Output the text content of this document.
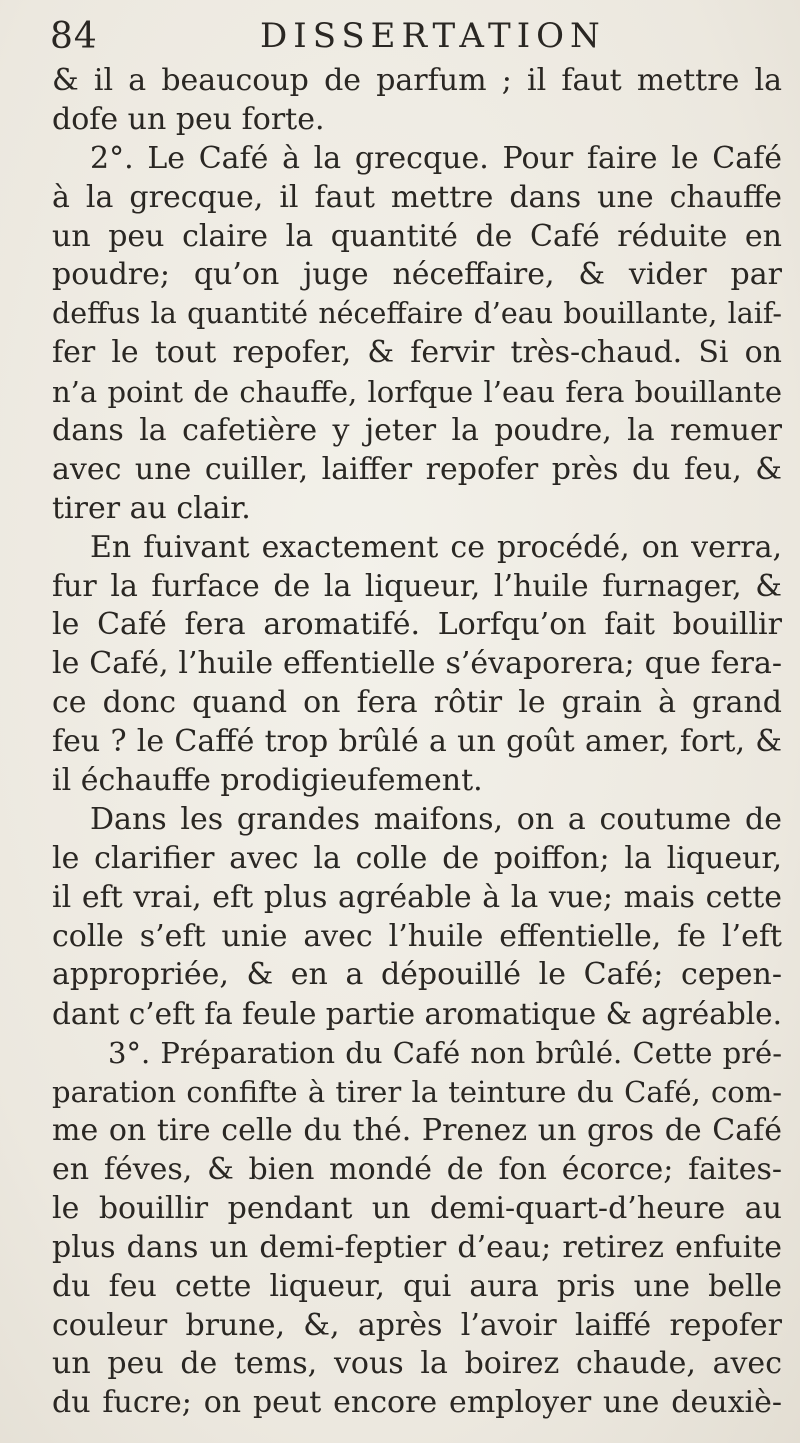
84	DISSERTATION
& il a beaucoup de parfum ; il faut mettre la
dofe un peu forte.
2°. Le Café à la grecque. Pour faire le Café
à la grecque, il faut mettre dans une chauffe
un peu claire la quantité de Café réduite en
poudre; qu’on juge néceffaire, & vider par
deffus la quantité néceffaire d’eau bouillante, laif-
fer le tout repofer, & fervir très-chaud. Si on
n’a point de chauffe, lorfque l’eau fera bouillante
dans la cafetière y jeter la poudre, la remuer
avec une cuiller, laiffer repofer près du feu, &
tirer au clair.
En fuivant exactement ce procédé, on verra,
fur la furface de la liqueur, l’huile furnager, &
le Café fera aromatifé. Lorfqu’on fait bouillir
le Café, l’huile effentielle s’évaporera; que fera-
ce donc quand on fera rôtir le grain à grand
feu ? le Caffé trop brûlé a un goût amer, fort, &
il échauffe prodigieufement.
Dans les grandes maifons, on a coutume de
le clarifier avec la colle de poiffon; la liqueur,
il eft vrai, eft plus agréable à la vue; mais cette
colle s’eft unie avec l’huile effentielle, fe l’eft
appropriée, & en a dépouillé le Café; cepen-
dant c’eft fa feule partie aromatique & agréable.
3°. Préparation du Café non brûlé. Cette pré-
paration confifte à tirer la teinture du Café, com-
me on tire celle du thé. Prenez un gros de Café
en féves, & bien mondé de fon écorce; faites-
le bouillir pendant un demi-quart-d’heure au
plus dans un demi-feptier d’eau; retirez enfuite
du feu cette liqueur, qui aura pris une belle
couleur brune, &, après l’avoir laiffé repofer
un peu de tems, vous la boirez chaude, avec
du fucre; on peut encore employer une deuxiè-
